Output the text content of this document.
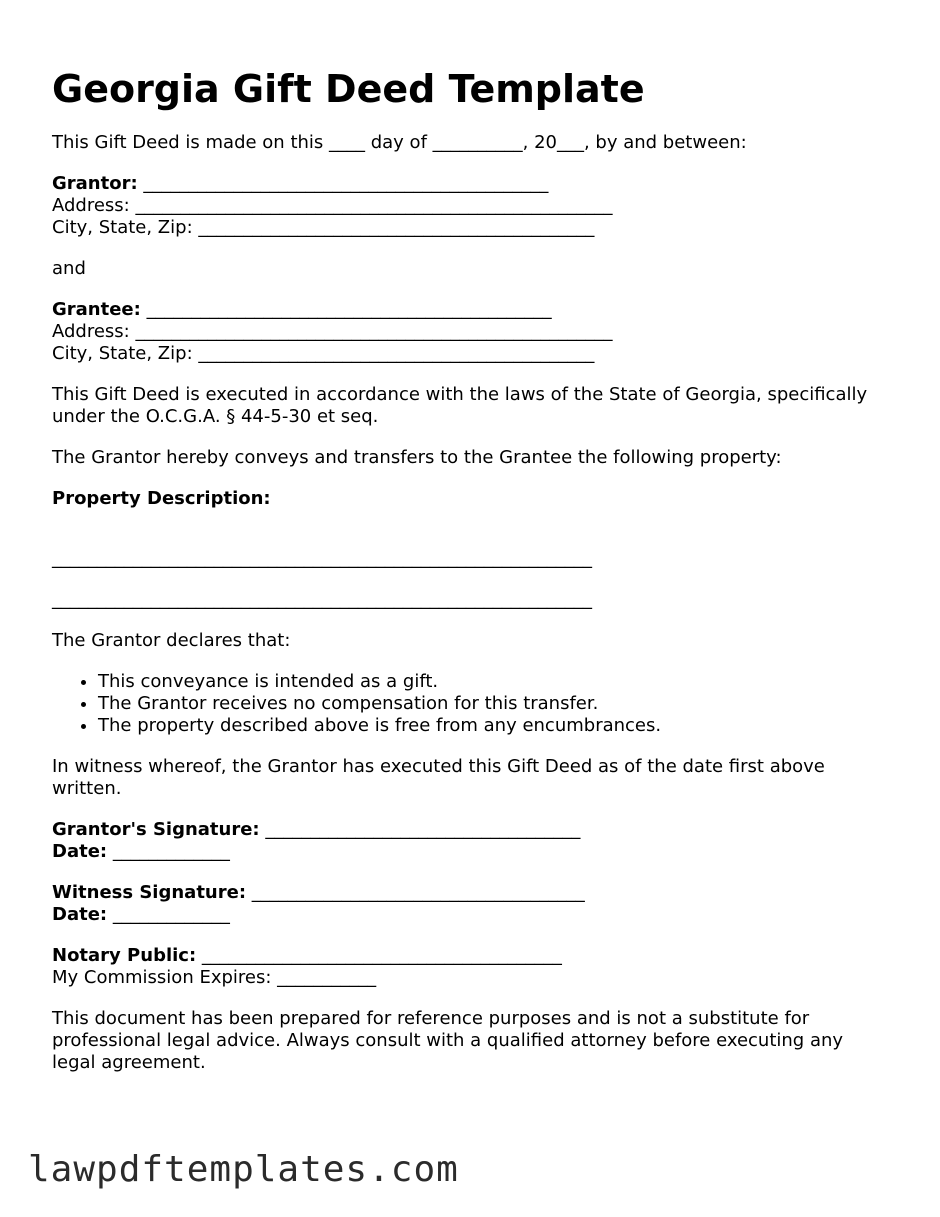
Georgia Gift Deed Template
This Gift Deed is made on this ____ day of __________, 20___, by and between:
Grantor: _____________________________________________
Address: _____________________________________________________
City, State, Zip: ____________________________________________
and
Grantee: _____________________________________________
Address: _____________________________________________________
City, State, Zip: ____________________________________________
This Gift Deed is executed in accordance with the laws of the State of Georgia, specifically under the O.C.G.A. § 44-5-30 et seq.
The Grantor hereby conveys and transfers to the Grantee the following property:
Property Description:
____________________________________________________________
____________________________________________________________
The Grantor declares that:
• This conveyance is intended as a gift.
• The Grantor receives no compensation for this transfer.
• The property described above is free from any encumbrances.
In witness whereof, the Grantor has executed this Gift Deed as of the date first above written.
Grantor's Signature: ___________________________________
Date: _____________
Witness Signature: _____________________________________
Date: _____________
Notary Public: ________________________________________
My Commission Expires: ___________
This document has been prepared for reference purposes and is not a substitute for professional legal advice. Always consult with a qualified attorney before executing any legal agreement.
lawpdftemplates.com
